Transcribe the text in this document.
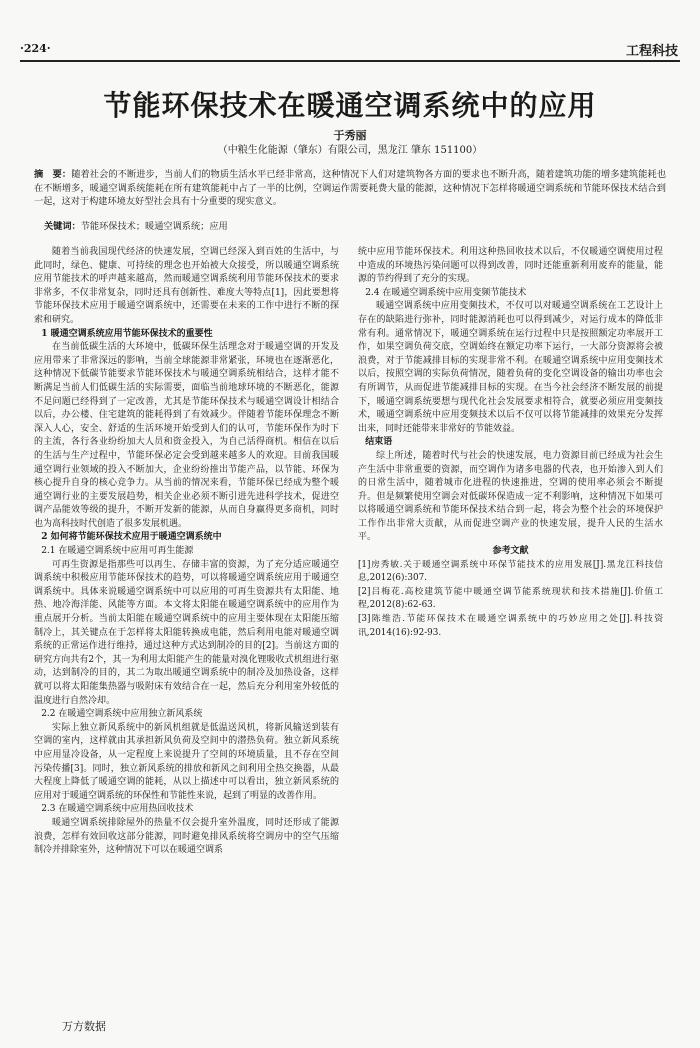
·224·	工程科技
节能环保技术在暖通空调系统中的应用
于秀丽
（中粮生化能源（肇东）有限公司，黑龙江 肇东 151100）
摘　要：随着社会的不断进步，当前人们的物质生活水平已经非常高，这种情况下人们对建筑物各方面的要求也不断升高，随着建筑功能的增多建筑能耗也在不断增多，暖通空调系统能耗在所有建筑能耗中占了一半的比例，空调运作需要耗费大量的能源，这种情况下怎样将暖通空调系统和节能环保技术结合到一起，这对于构建环境友好型社会具有十分重要的现实意义。
关键词：节能环保技术；暖通空调系统；应用

随着当前我国现代经济的快速发展，空调已经深入到百姓的生活中，与此同时，绿色、健康、可持续的理念也开始被大众接受，所以暖通空调系统应用节能技术的呼声越来越高，然而暖通空调系统利用节能环保技术的要求非常多，不仅非常复杂，同时还具有创新性、难度大等特点[1]，因此要想将节能环保技术应用于暖通空调系统中，还需要在未来的工作中进行不断的探索和研究。

1 暖通空调系统应用节能环保技术的重要性

在当前低碳生活的大环境中，低碳环保生活理念对于暖通空调的开发及应用带来了非常深远的影响，当前全球能源非常紧张，环境也在逐渐恶化，这种情况下低碳节能要求节能环保技术与暖通空调系统相结合，这样才能不断满足当前人们低碳生活的实际需要，面临当前地球环境的不断恶化，能源不足问题已经得到了一定改善，尤其是节能环保技术与暖通空调设计相结合以后，办公楼、住宅建筑的能耗得到了有效减少。伴随着节能环保理念不断深入人心，安全、舒适的生活环境开始受到人们的认可，节能环保作为时下的主流，各行各业纷纷加大人员和资金投入，为自己活得商机。相信在以后的生活与生产过程中，节能环保必定会受到越来越多人的欢迎。目前我国暖通空调行业领域的投入不断加大，企业纷纷推出节能产品，以节能、环保为核心提升自身的核心竞争力。从当前的情况来看，节能环保已经成为整个暖通空调行业的主要发展趋势，相关企业必须不断引进先进科学技术，促进空调产品能效等级的提升，不断开发新的能源，从而自身赢得更多商机，同时也为高科技时代创造了很多发展机遇。

2 如何将节能环保技术应用于暖通空调系统中
2.1 在暖通空调系统中应用可再生能源

可再生资源是指那些可以再生、存储丰富的资源，为了充分适应暖通空调系统中积极应用节能环保技术的趋势，可以将暖通空调系统应用于暖通空调系统中。具体来说暖通空调系统中可以应用的可再生资源共有太阳能、地热、地冷海洋能、风能等方面。本文将太阳能在暖通空调系统中的应用作为重点展开分析。当前太阳能在暖通空调系统中的应用主要体现在太阳能压缩制冷上，其关键点在于怎样将太阳能转换成电能，然后利用电能对暖通空调系统的正常运作进行维持，通过这种方式达到制冷的目的[2]。当前这方面的研究方向共有2个，其一为利用太阳能产生的能量对溴化锂吸收式机组进行驱动，达到制冷的目的，其二为取出暖通空调系统中的制冷及加热设备，这样就可以将太阳能集热器与吸附床有效结合在一起，然后充分利用室外较低的温度进行自然冷却。

2.2 在暖通空调系统中应用独立新风系统

实际上独立新风系统中的新风机组就是低温送风机，将新风输送到装有空调的室内，这样就由其承担新风负荷及空间中的潜热负荷。独立新风系统中应用显冷设备，从一定程度上来说提升了空间的环境质量，且不存在空间污染传播[3]。同时，独立新风系统的排放和新风之间利用全热交换器，从最大程度上降低了暖通空调的能耗，从以上描述中可以看出，独立新风系统的应用对于暖通空调系统的环保性和节能性来说，起到了明显的改善作用。

2.3 在暖通空调系统中应用热回收技术

暖通空调系统排除屋外的热量不仅会提升室外温度，同时还形成了能源浪费，怎样有效回收这部分能源，同时避免排风系统将空调房中的空气压缩制冷并排除室外，这种情况下可以在暖通空调系

统中应用节能环保技术。利用这种热回收技术以后，不仅暖通空调使用过程中造成的环境热污染问题可以得到改善，同时还能重新利用废弃的能量，能源的节约得到了充分的实现。

2.4 在暖通空调系统中应用变频节能技术

暖通空调系统中应用变频技术，不仅可以对暖通空调系统在工艺设计上存在的缺陷进行弥补，同时能源消耗也可以得到减少，对运行成本的降低非常有利。通常情况下，暖通空调系统在运行过程中只是按照额定功率展开工作，如果空调负荷交底，空调始终在额定功率下运行，一大部分资源将会被浪费，对于节能减排目标的实现非常不利。在暖通空调系统中应用变频技术以后，按照空调的实际负荷情况，随着负荷的变化空调设备的输出功率也会有所调节，从而促进节能减排目标的实现。在当今社会经济不断发展的前提下，暖通空调系统要想与现代化社会发展要求相符合，就要必须应用变频技术，暖通空调系统中应用变频技术以后不仅可以将节能减排的效果充分发挥出来，同时还能带来非常好的节能效益。

结束语

综上所述，随着时代与社会的快速发展，电力资源目前已经成为社会生产生活中非常重要的资源，而空调作为诸多电器的代表，也开始渗入到人们的日常生活中，随着城市化进程的快速推进，空调的使用率必须会不断提升。但是频繁使用空调会对低碳环保造成一定不利影响，这种情况下如果可以将暖通空调系统和节能环保技术结合到一起，将会为整个社会的环境保护工作作出非常大贡献，从而促进空调产业的快速发展，提升人民的生活水平。

参考文献
[1]房秀敏.关于暖通空调系统中环保节能技术的应用发展[J].黑龙江科技信息,2012(6):307.
[2]吕梅花.高校建筑节能中暖通空调节能系统现状和技术措施[J].价值工程,2012(8):62-63.
[3]陈维浩.节能环保技术在暖通空调系统中的巧妙应用之处[J].科技资讯,2014(16):92-93.
万方数据
